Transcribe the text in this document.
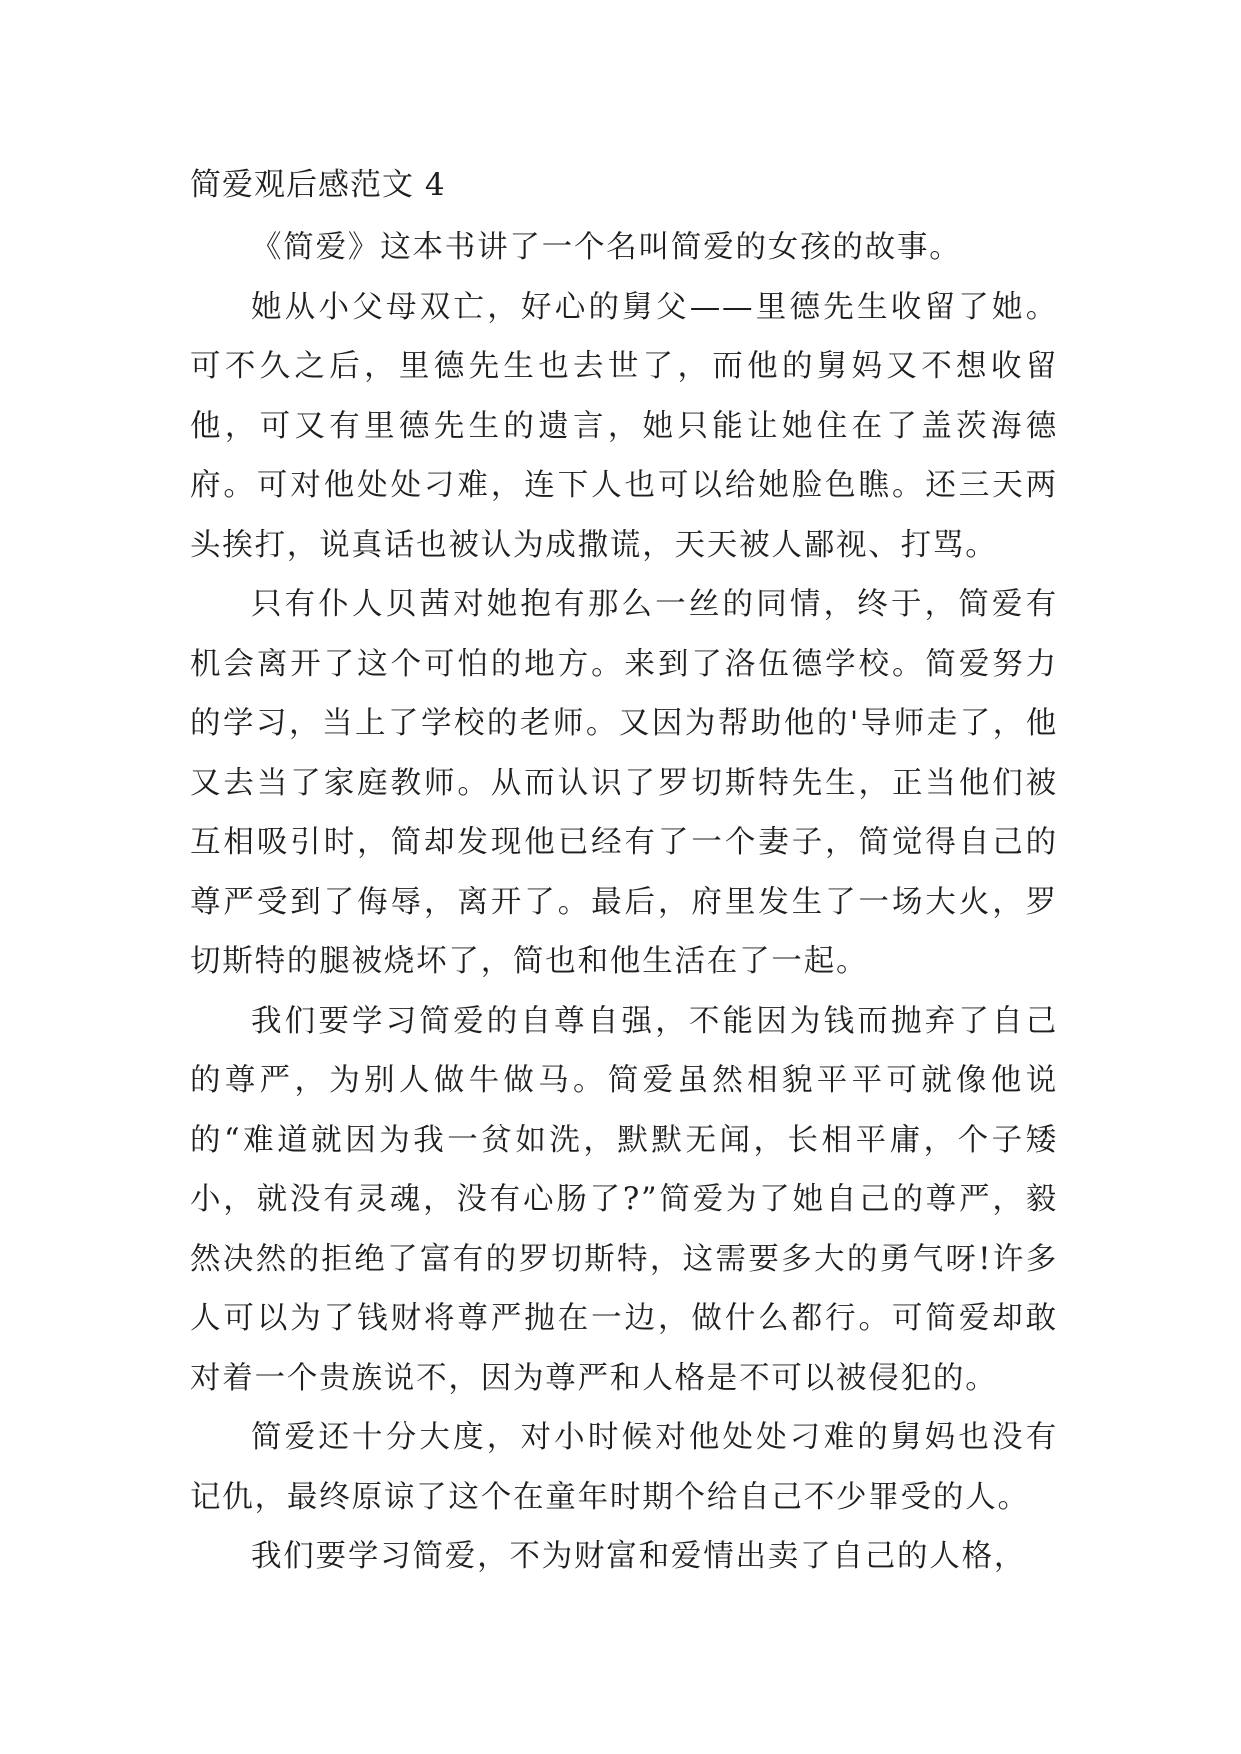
简爱观后感范文 4

《简爱》这本书讲了一个名叫简爱的女孩的故事。

她从小父母双亡，好心的舅父——里德先生收留了她。可不久之后，里德先生也去世了，而他的舅妈又不想收留他，可又有里德先生的遗言，她只能让她住在了盖茨海德府。可对他处处刁难，连下人也可以给她脸色瞧。还三天两头挨打，说真话也被认为成撒谎，天天被人鄙视、打骂。

只有仆人贝茜对她抱有那么一丝的同情，终于，简爱有机会离开了这个可怕的地方。来到了洛伍德学校。简爱努力的学习，当上了学校的老师。又因为帮助他的'导师走了，他又去当了家庭教师。从而认识了罗切斯特先生，正当他们被互相吸引时，简却发现他已经有了一个妻子，简觉得自己的尊严受到了侮辱，离开了。最后，府里发生了一场大火，罗切斯特的腿被烧坏了，简也和他生活在了一起。

我们要学习简爱的自尊自强，不能因为钱而抛弃了自己的尊严，为别人做牛做马。简爱虽然相貌平平可就像他说的“难道就因为我一贫如洗，默默无闻，长相平庸，个子矮小，就没有灵魂，没有心肠了?”简爱为了她自己的尊严，毅然决然的拒绝了富有的罗切斯特，这需要多大的勇气呀!许多人可以为了钱财将尊严抛在一边，做什么都行。可简爱却敢对着一个贵族说不，因为尊严和人格是不可以被侵犯的。

简爱还十分大度，对小时候对他处处刁难的舅妈也没有记仇，最终原谅了这个在童年时期个给自己不少罪受的人。

我们要学习简爱，不为财富和爱情出卖了自己的人格，
